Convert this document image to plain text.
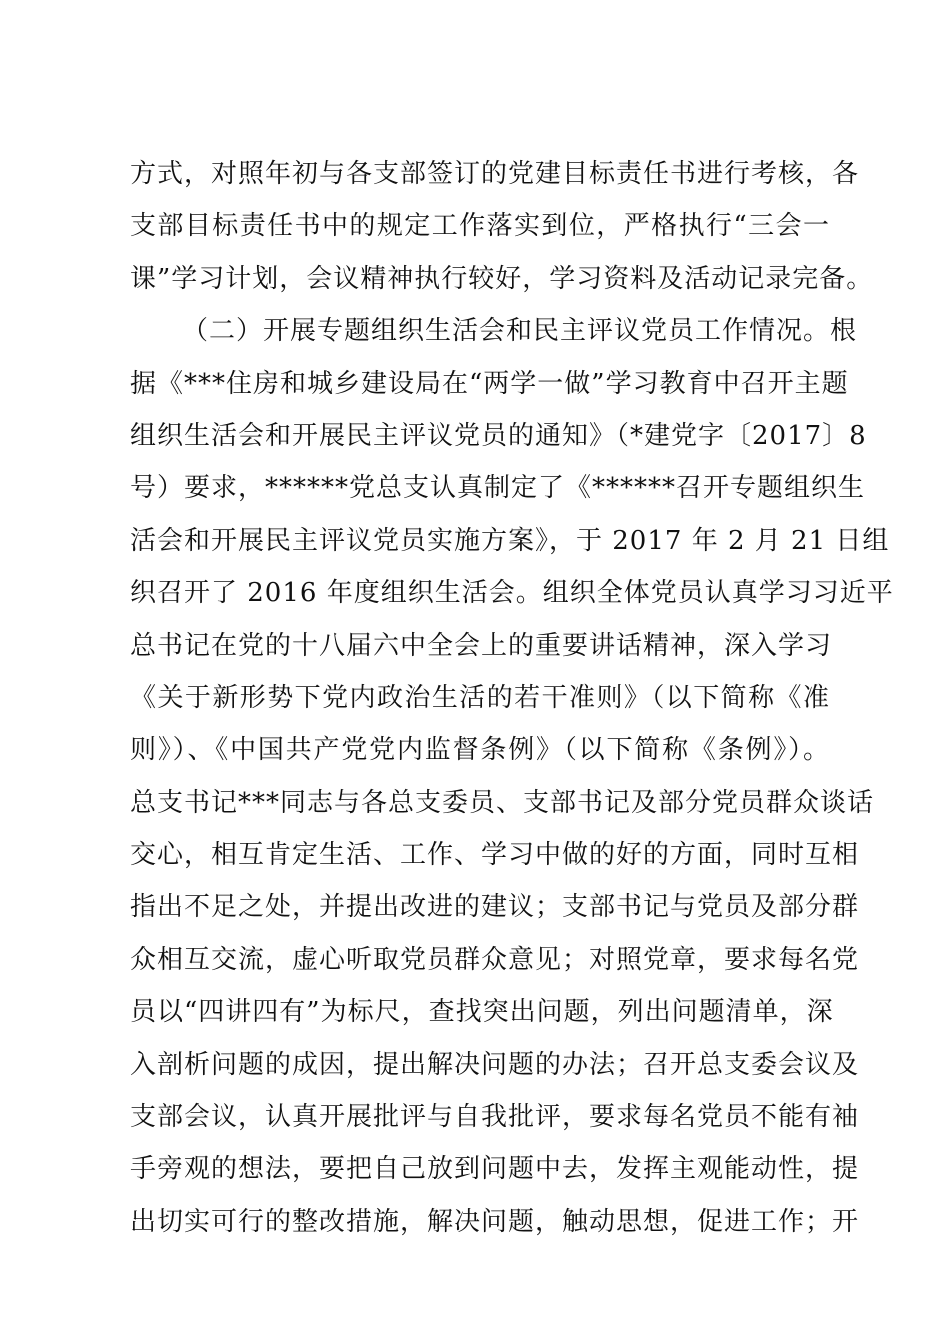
方式，对照年初与各支部签订的党建目标责任书进行考核，各
支部目标责任书中的规定工作落实到位，严格执行“三会一
课”学习计划，会议精神执行较好，学习资料及活动记录完备。
（二）开展专题组织生活会和民主评议党员工作情况。根
据《***住房和城乡建设局在“两学一做”学习教育中召开主题
组织生活会和开展民主评议党员的通知》（*建党字〔2017〕8
号）要求，******党总支认真制定了《******召开专题组织生
活会和开展民主评议党员实施方案》，于 2017 年 2 月 21 日组
织召开了 2016 年度组织生活会。组织全体党员认真学习习近平
总书记在党的十八届六中全会上的重要讲话精神，深入学习
《关于新形势下党内政治生活的若干准则》（以下简称《准
则》）、《中国共产党党内监督条例》（以下简称《条例》）。
总支书记***同志与各总支委员、支部书记及部分党员群众谈话
交心，相互肯定生活、工作、学习中做的好的方面，同时互相
指出不足之处，并提出改进的建议；支部书记与党员及部分群
众相互交流，虚心听取党员群众意见；对照党章，要求每名党
员以“四讲四有”为标尺，查找突出问题，列出问题清单，深
入剖析问题的成因，提出解决问题的办法；召开总支委会议及
支部会议，认真开展批评与自我批评，要求每名党员不能有袖
手旁观的想法，要把自己放到问题中去，发挥主观能动性，提
出切实可行的整改措施，解决问题，触动思想，促进工作；开
